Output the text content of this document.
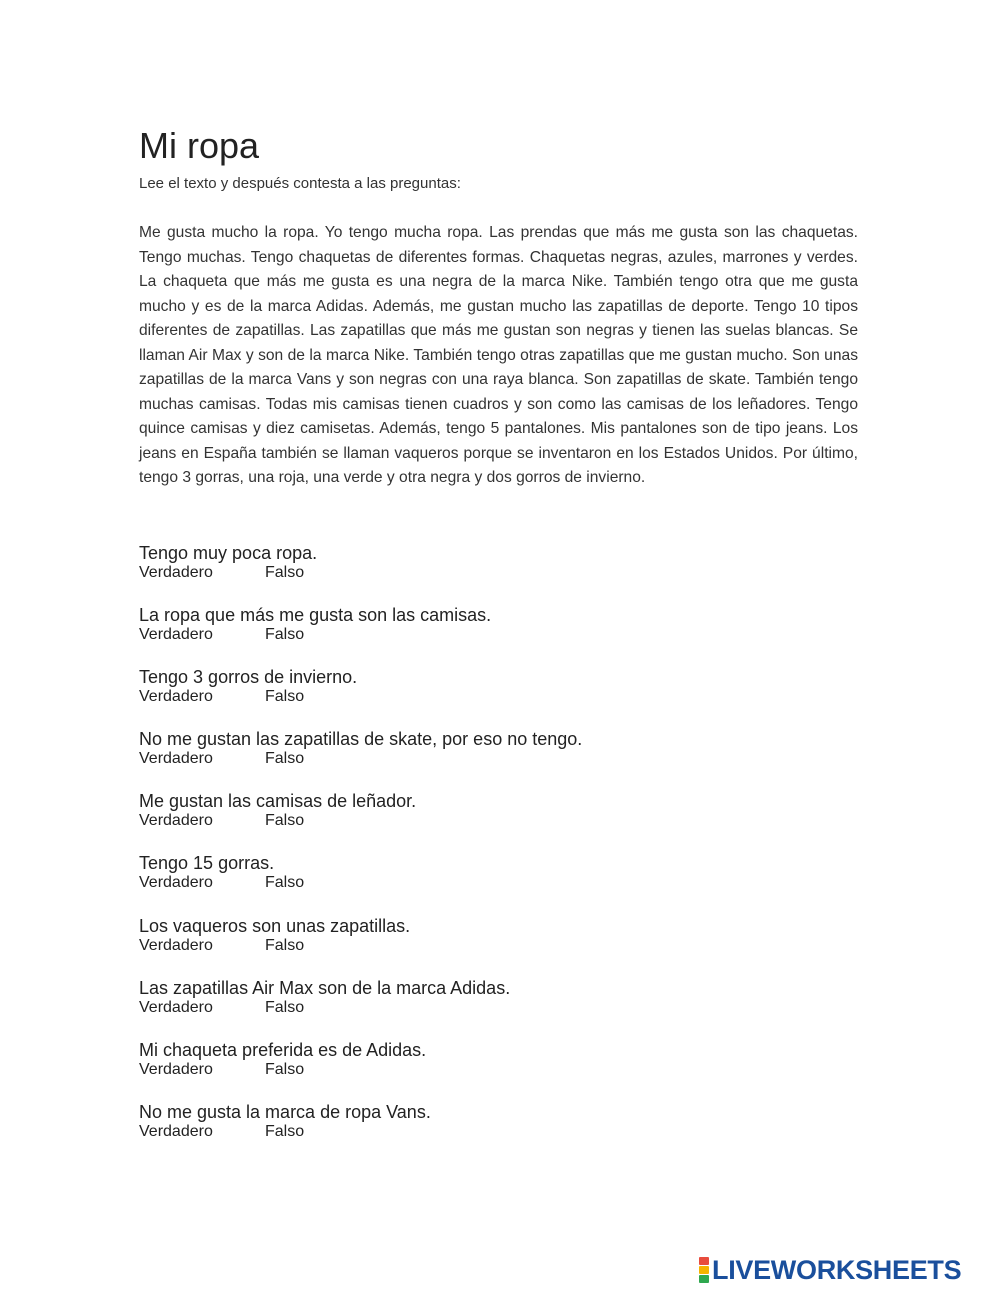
Mi ropa
Lee el texto y después contesta a las preguntas:
Me gusta mucho la ropa. Yo tengo mucha ropa. Las prendas que más me gusta son las chaquetas. Tengo muchas. Tengo chaquetas de diferentes formas. Chaquetas negras, azules, marrones y verdes. La chaqueta que más me gusta es una negra de la marca Nike. También tengo otra que me gusta mucho y es de la marca Adidas. Además, me gustan mucho las zapatillas de deporte. Tengo 10 tipos diferentes de zapatillas. Las zapatillas que más me gustan son negras y tienen las suelas blancas. Se llaman Air Max y son de la marca Nike. También tengo otras zapatillas que me gustan mucho. Son unas zapatillas de la marca Vans y son negras con una raya blanca. Son zapatillas de skate. También tengo muchas camisas. Todas mis camisas tienen cuadros y son como las camisas de los leñadores. Tengo quince camisas y diez camisetas. Además, tengo 5 pantalones. Mis pantalones son de tipo jeans. Los jeans en España también se llaman vaqueros porque se inventaron en los Estados Unidos. Por último, tengo 3 gorras, una roja, una verde y otra negra y dos gorros de invierno.
Tengo muy poca ropa.
Verdadero	Falso
La ropa que más me gusta son las camisas.
Verdadero	Falso
Tengo 3 gorros de invierno.
Verdadero	Falso
No me gustan las zapatillas de skate, por eso no tengo.
Verdadero	Falso
Me gustan las camisas de leñador.
Verdadero	Falso
Tengo 15 gorras.
Verdadero	Falso
Los vaqueros son unas zapatillas.
Verdadero	Falso
Las zapatillas Air Max son de la marca Adidas.
Verdadero	Falso
Mi chaqueta preferida es de Adidas.
Verdadero	Falso
No me gusta la marca de ropa Vans.
Verdadero	Falso
LIVEWORKSHEETS
